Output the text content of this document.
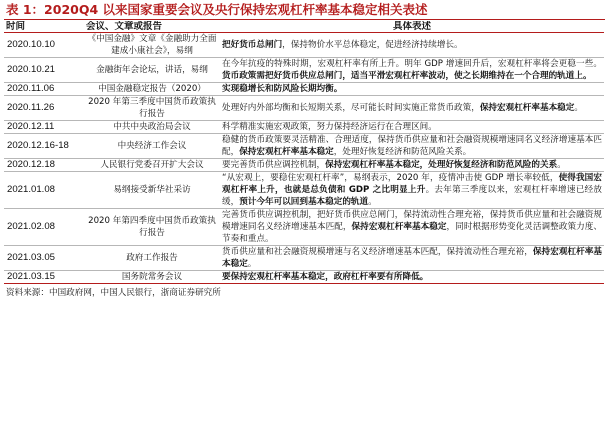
表 1：2020Q4 以来国家重要会议及央行保持宏观杠杆率基本稳定相关表述
时间	会议、文章或报告	具体表述
2020.10.10	《中国金融》文章《金融助力全面建成小康社会》，易纲	把好货币总闸门，保持物价水平总体稳定，促进经济持续增长。
2020.10.21	金融街年会论坛，讲话，易纲	在今年抗疫的特殊时期，宏观杠杆率有所上升。明年 GDP 增速回升后，宏观杠杆率将会更稳一些。货币政策需把好货币供应总闸门，适当平滑宏观杠杆率波动，使之长期维持在一个合理的轨道上。
2020.11.06	中国金融稳定报告（2020）	实现稳增长和防风险长期均衡。
2020.11.26	2020 年第三季度中国货币政策执行报告	处理好内外部均衡和长短期关系，尽可能长时间实施正常货币政策，保持宏观杠杆率基本稳定。
2020.12.11	中共中央政治局会议	科学精准实施宏观政策，努力保持经济运行在合理区间。
2020.12.16-18	中央经济工作会议	稳健的货币政策要灵活精准、合理适度，保持货币供应量和社会融资规模增速同名义经济增速基本匹配，保持宏观杠杆率基本稳定，处理好恢复经济和防范风险关系。
2020.12.18	人民银行党委召开扩大会议	要完善货币供应调控机制，保持宏观杠杆率基本稳定，处理好恢复经济和防范风险的关系。
2021.01.08	易纲接受新华社采访	“从宏观上，要稳住宏观杠杆率”，易纲表示，2020 年，疫情冲击使 GDP 增长率较低，使得我国宏观杠杆率上升，也就是总负债和 GDP 之比明显上升。去年第三季度以来，宏观杠杆率增速已经放缓，预计今年可以回到基本稳定的轨道。
2021.02.08	2020 年第四季度中国货币政策执行报告	完善货币供应调控机制，把好货币供应总闸门，保持流动性合理充裕，保持货币供应量和社会融资规模增速同名义经济增速基本匹配，保持宏观杠杆率基本稳定，同时根据形势变化灵活调整政策力度、节奏和重点。
2021.03.05	政府工作报告	货币供应量和社会融资规模增速与名义经济增速基本匹配，保持流动性合理充裕，保持宏观杠杆率基本稳定。
2021.03.15	国务院常务会议	要保持宏观杠杆率基本稳定，政府杠杆率要有所降低。
资料来源：中国政府网，中国人民银行，浙商证券研究所
